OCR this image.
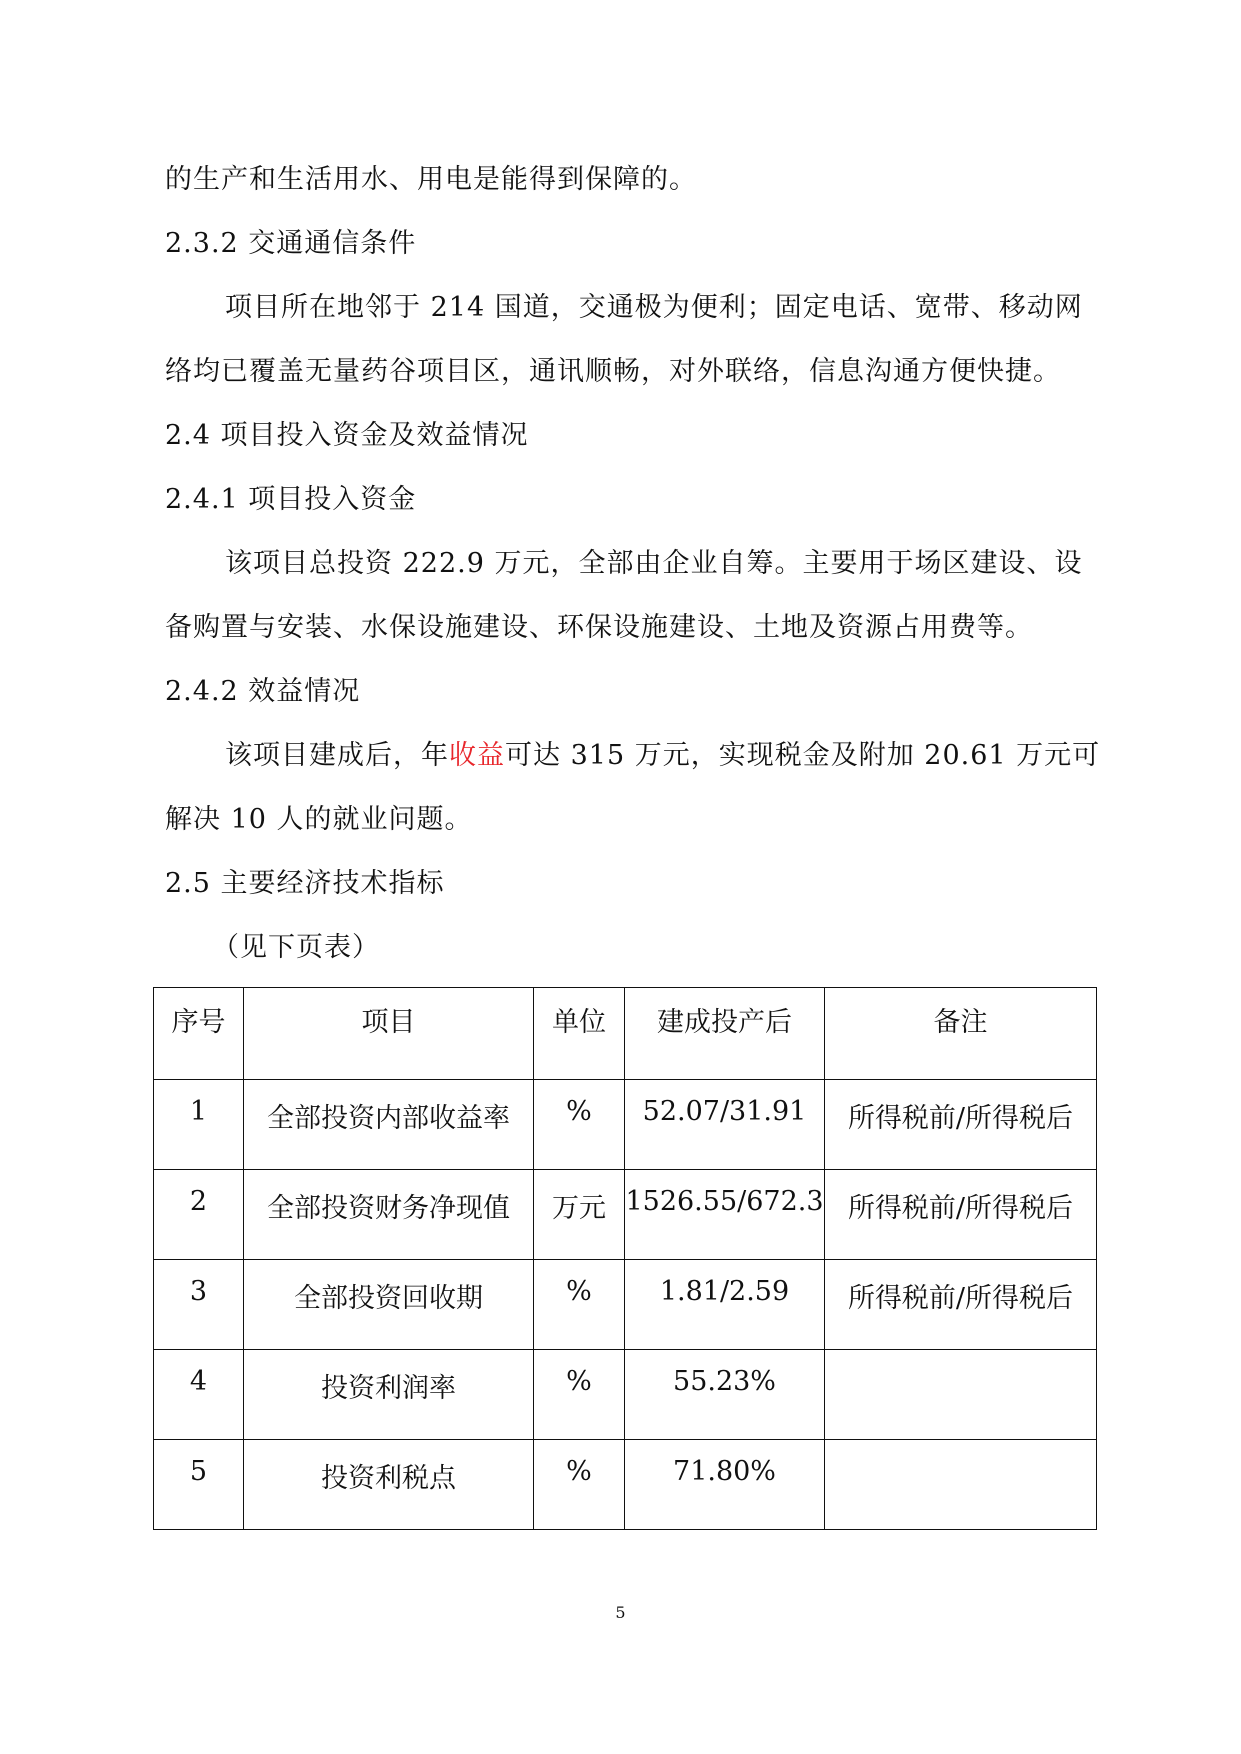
的生产和生活用水、用电是能得到保障的。
2.3.2 交通通信条件
项目所在地邻于 214 国道，交通极为便利；固定电话、宽带、移动网
络均已覆盖无量药谷项目区，通讯顺畅，对外联络，信息沟通方便快捷。
2.4 项目投入资金及效益情况
2.4.1 项目投入资金
该项目总投资 222.9 万元，全部由企业自筹。主要用于场区建设、设
备购置与安装、水保设施建设、环保设施建设、土地及资源占用费等。
2.4.2 效益情况
该项目建成后，年收益可达 315 万元，实现税金及附加 20.61 万元可
解决 10 人的就业问题。
2.5 主要经济技术指标
（见下页表）
序号	项目	单位	建成投产后	备注
1	全部投资内部收益率	%	52.07/31.91	所得税前/所得税后
2	全部投资财务净现值	万元	1526.55/672.3	所得税前/所得税后
3	全部投资回收期	%	1.81/2.59	所得税前/所得税后
4	投资利润率	%	55.23%	
5	投资利税点	%	71.80%	
5
